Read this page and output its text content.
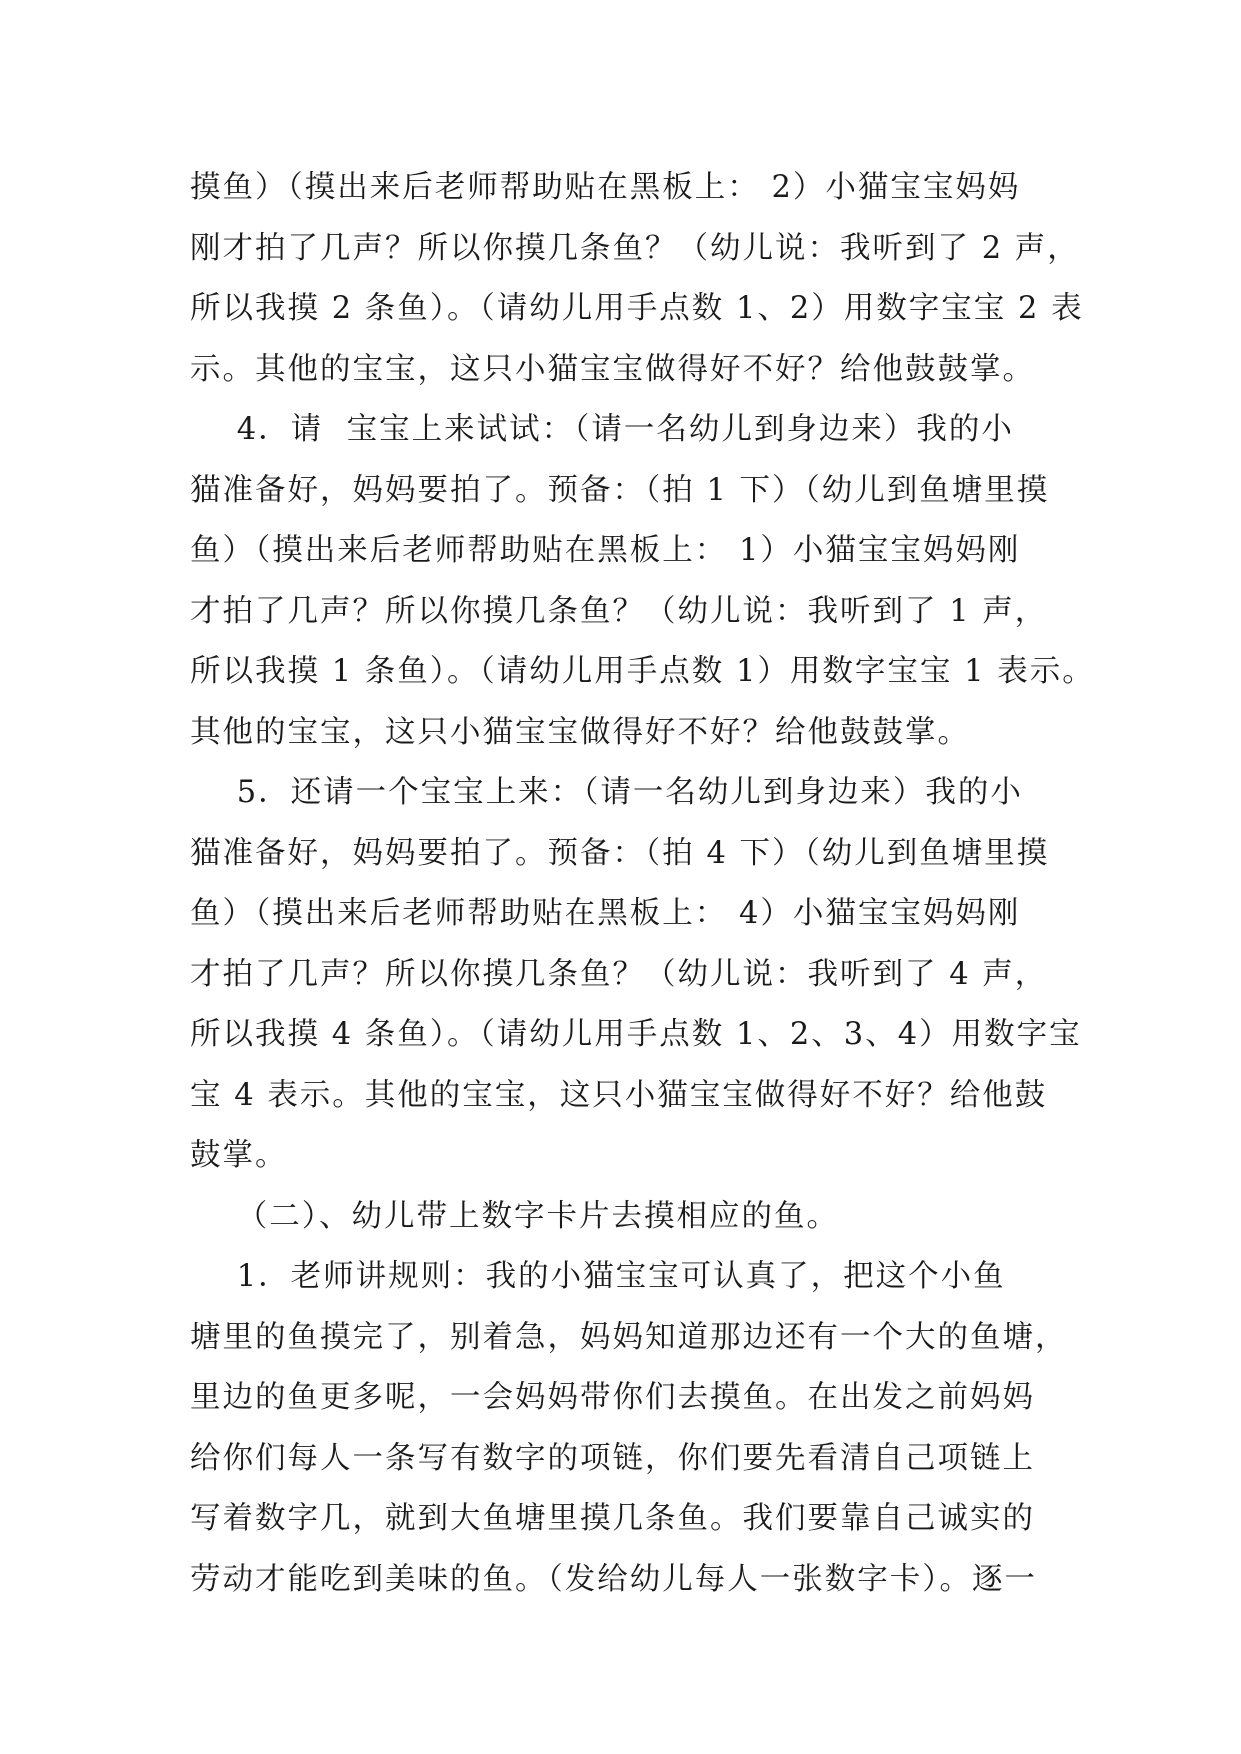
摸鱼）（摸出来后老师帮助贴在黑板上： 2）小猫宝宝妈妈
刚才拍了几声？所以你摸几条鱼？（幼儿说：我听到了 2 声，
所以我摸 2 条鱼）。（请幼儿用手点数 1、2）用数字宝宝 2 表
示。其他的宝宝，这只小猫宝宝做得好不好？给他鼓鼓掌。
4．请  宝宝上来试试：（请一名幼儿到身边来）我的小
猫准备好，妈妈要拍了。预备：（拍 1 下）（幼儿到鱼塘里摸
鱼）（摸出来后老师帮助贴在黑板上： 1）小猫宝宝妈妈刚
才拍了几声？所以你摸几条鱼？（幼儿说：我听到了 1 声，
所以我摸 1 条鱼）。（请幼儿用手点数 1）用数字宝宝 1 表示。
其他的宝宝，这只小猫宝宝做得好不好？给他鼓鼓掌。
5．还请一个宝宝上来：（请一名幼儿到身边来）我的小
猫准备好，妈妈要拍了。预备：（拍 4 下）（幼儿到鱼塘里摸
鱼）（摸出来后老师帮助贴在黑板上： 4）小猫宝宝妈妈刚
才拍了几声？所以你摸几条鱼？（幼儿说：我听到了 4 声，
所以我摸 4 条鱼）。（请幼儿用手点数 1、2、3、4）用数字宝
宝 4 表示。其他的宝宝，这只小猫宝宝做得好不好？给他鼓
鼓掌。
（二）、幼儿带上数字卡片去摸相应的鱼。
1．老师讲规则：我的小猫宝宝可认真了，把这个小鱼
塘里的鱼摸完了，别着急，妈妈知道那边还有一个大的鱼塘，
里边的鱼更多呢，一会妈妈带你们去摸鱼。在出发之前妈妈
给你们每人一条写有数字的项链，你们要先看清自己项链上
写着数字几，就到大鱼塘里摸几条鱼。我们要靠自己诚实的
劳动才能吃到美味的鱼。（发给幼儿每人一张数字卡）。逐一
